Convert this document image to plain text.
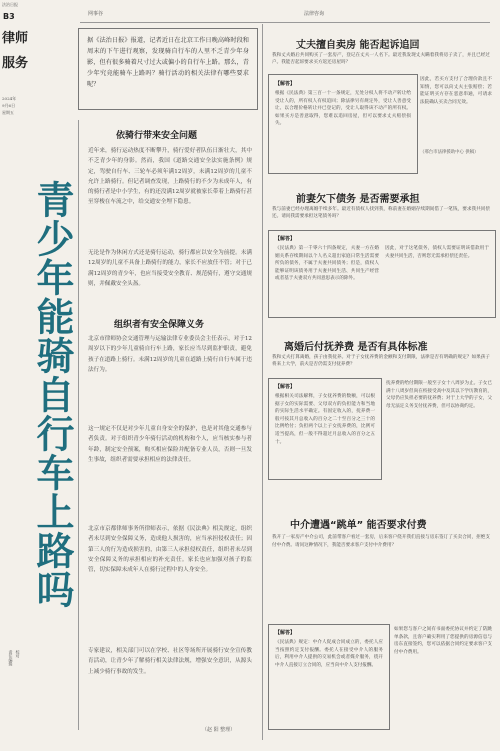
法治日报
B3
律师
服务
2024年
9月6日
星期五
网事谷	法律咨询
据《法治日报》报道，记者近日在北京工作日晚高峰时段和周末的下午进行观察，发现骑自行车的人里不乏青少年身影，但有很多骑着尺寸过大或偏小的自行车上路。那么，青少年究竟能骑车上路吗？骑行活动的相关法律有哪些要求呢？
青少年能骑自行车上路吗
依骑行带来安全问题
近年来，骑行运动热度不断攀升，骑行爱好者队伍日渐壮大，其中不乏青少年的身影。然而，我国《道路交通安全法实施条例》规定，驾驶自行车、三轮车必须年满12周岁，未满12周岁的儿童不允许上路骑行。但记者调查发现，上路骑行的不少为未成年人，有的骑行者是中小学生，有的还没满12周岁就被家长带着上路骑行甚至穿梭在车流之中，给交通安全埋下隐患。
无论是作为休闲方式还是骑行运动，骑行都应以安全为前提。未满12周岁的儿童不具备上路骑行的能力，家长不应放任不管；对于已满12周岁的青少年，也应当接受安全教育、规范骑行，遵守交通规则，并佩戴安全头盔。
组织者有安全保障义务
北京市律师协会交通管理与运输法律专业委员会主任表示，对于12周岁以下的少年儿童骑自行车上路，家长应当尽到监护职责，避免孩子在道路上骑行。未满12周岁的儿童在道路上骑行自行车属于违法行为。
这一规定不仅是对少年儿童自身安全的保护，也是对其他交通参与者负责。对于组织青少年骑行活动的机构和个人，应当核实参与者年龄，制定安全预案，购买相应保险并配备专业人员，否则一旦发生事故，组织者需要承担相应的法律责任。
北京市京都律师事务所律师表示，依据《民法典》相关规定，组织者未尽到安全保障义务，造成他人损害的，应当承担侵权责任；因第三人的行为造成损害的，由第三人承担侵权责任，组织者未尽到安全保障义务的承担相应的补充责任。家长也应加强对孩子的监管，切实保障未成年人在骑行过程中的人身安全。
专家建议，相关部门可以在学校、社区等场所开展骑行安全宣传教育活动，让青少年了解骑行相关法律法规，增强安全意识，从源头上减少骑行事故的发生。
（赵 阳 整理）
丈夫擅自卖房 能否起诉追回
我和丈夫婚后共同购买了一套房产，登记在丈夫一人名下。最近我发现丈夫瞒着我将房子卖了，并且已经过户。我能否起诉要求买方返还房屋吗？
【解答】
根据《民法典》第三百一十一条规定，无处分权人将不动产转让给受让人的，所有权人有权追回；除法律另有规定外，受让人善意受让、以合理价格转让并已登记的，受让人取得该不动产的所有权。如果买方是善意取得，您难以追回房屋，但可以要求丈夫赔偿损失。
因此，若买方支付了合理价款且不知情，您可以向丈夫主张赔偿；若能证明买方存在恶意串通，可请求法院确认买卖合同无效。
（邢台市法律援助中心 供稿）
前妻欠下债务 是否需要承担
我与前妻已经办理离婚手续多年。最近有债权人找到我，称前妻在婚姻存续期间借了一笔钱，要求我共同偿还。请问我需要承担这笔债务吗？
【解答】
《民法典》第一千零六十四条规定，夫妻一方在婚姻关系存续期间以个人名义超出家庭日常生活需要所负的债务，不属于夫妻共同债务；但是，债权人能够证明该债务用于夫妻共同生活、共同生产经营或者基于夫妻双方共同意思表示的除外。
因此，对于这笔债务，债权人需要证明该借款用于夫妻共同生活，否则您无需承担偿还责任。
离婚后付抚养费 是否有具体标准
我和丈夫打算离婚，孩子由我抚养。对于子女抚养费的金额和支付期限，法律是否有明确的规定？如果孩子将来上大学，前夫是否仍需支付抚养费？
【解答】
根据相关司法解释，子女抚养费的数额，可以根据子女的实际需要、父母双方的负担能力和当地的实际生活水平确定。有固定收入的，抚养费一般可按其月总收入的百分之二十至百分之三十的比例给付；负担两个以上子女抚养费的，比例可适当提高，但一般不得超过月总收入的百分之五十。
抚养费的给付期限一般至子女十八周岁为止。子女已满十八周岁但尚在校接受高中及其以下学历教育的，父母仍应负担必要的抚养费；对于上大学的子女，父母无法定义务支付抚养费，但可以协商约定。
中介遭遇“跳单” 能否要求付费
我开了一家房产中介公司，此前带客户看过一套房，后来客户绕开我们直接与房东签订了买卖合同，拒绝支付中介费。请问这种情况下，我能否要求客户支付中介费用？
【解答】
《民法典》规定：中介人促成合同成立的，委托人应当按照约定支付报酬。委托人在接受中介人的服务后，利用中介人提供的交易机会或者媒介服务，绕开中介人直接订立合同的，应当向中介人支付报酬。
如果您与客户之间有书面委托协议并约定了防跳单条款，且客户确实利用了您提供的房源信息与房东直接签约，您可以依据合同约定要求客户支付中介费用。
责任编辑 校对
